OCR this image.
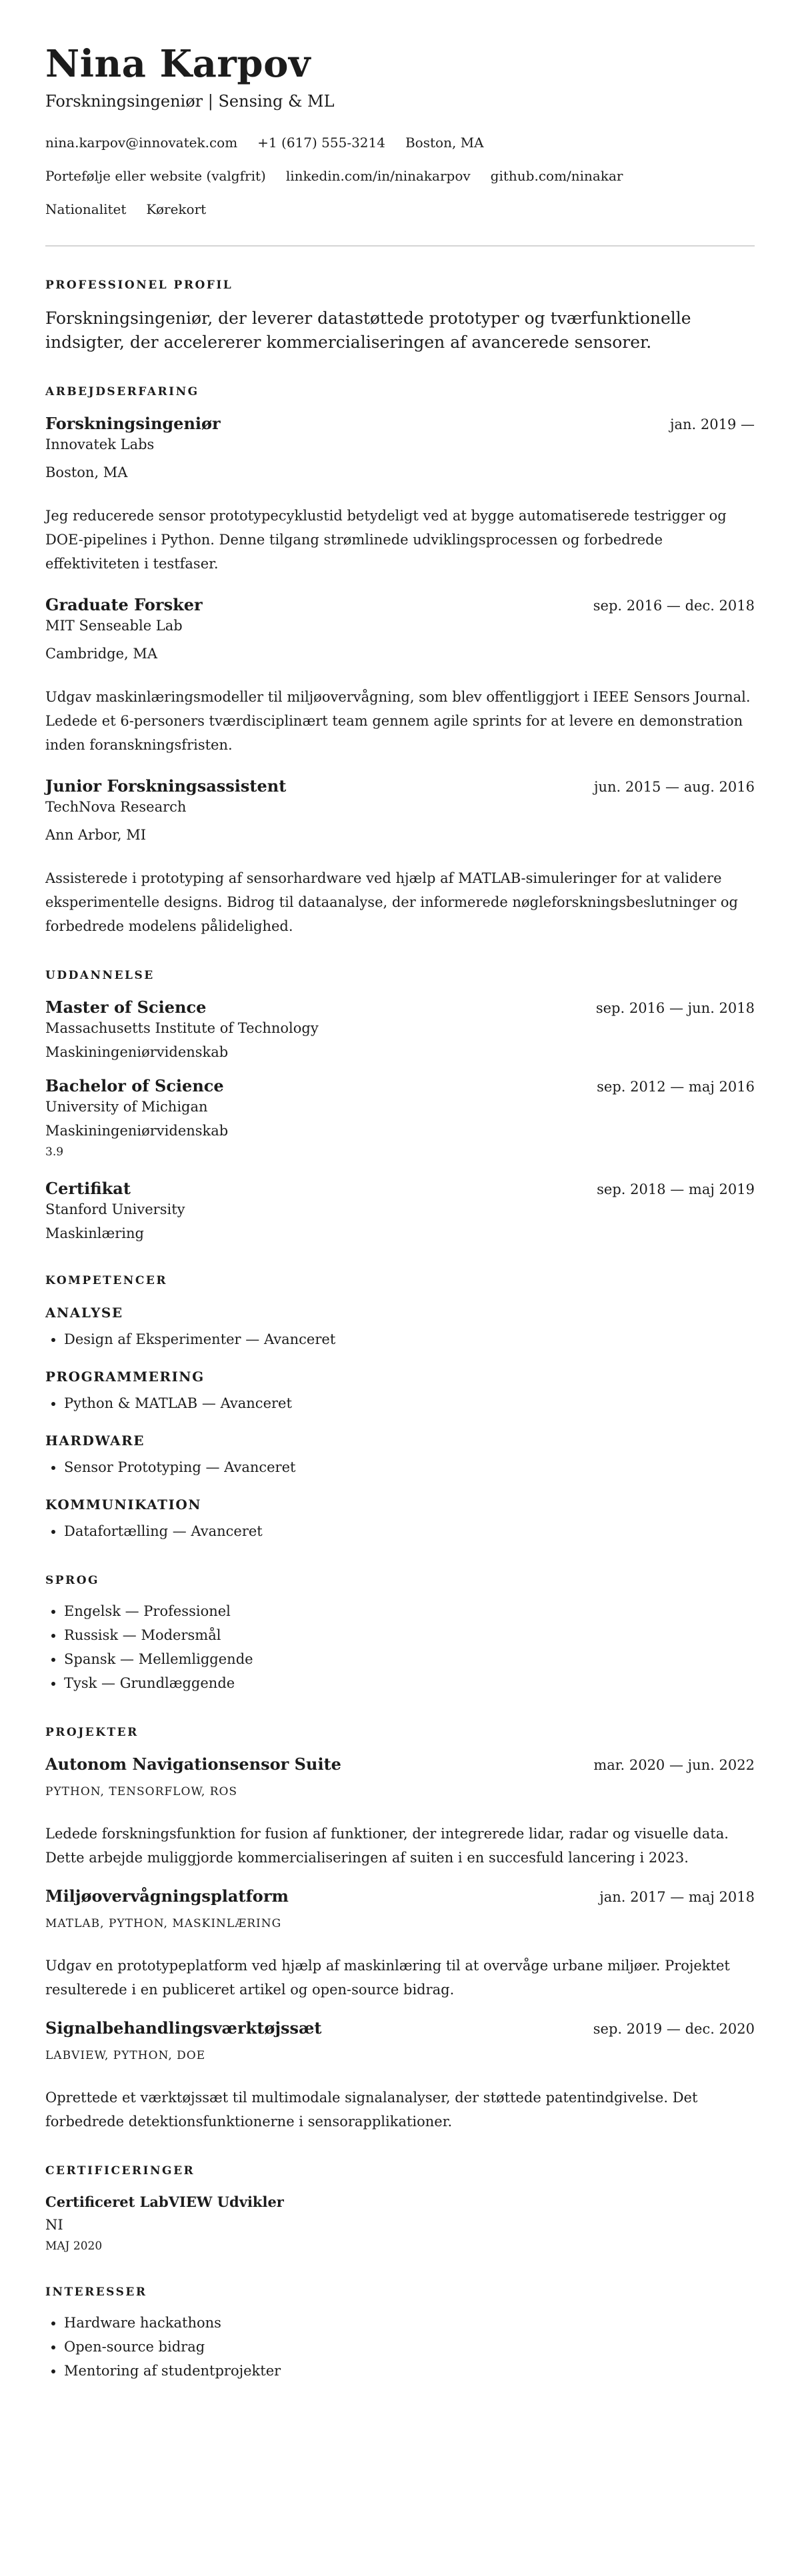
Nina Karpov
Forskningsingeniør | Sensing & ML
nina.karpov@innovatek.com +1 (617) 555-3214 Boston, MA
Portefølje eller website (valgfrit) linkedin.com/in/ninakarpov github.com/ninakar
Nationalitet Kørekort
PROFESSIONEL PROFIL
Forskningsingeniør, der leverer datastøttede prototyper og tværfunktionelle indsigter, der accelererer kommercialiseringen af avancerede sensorer.
ARBEJDSERFARING
Forskningsingeniør	jan. 2019 —
Innovatek Labs
Boston, MA
Jeg reducerede sensor prototypecyklustid betydeligt ved at bygge automatiserede testrigger og DOE-pipelines i Python. Denne tilgang strømlinede udviklingsprocessen og forbedrede effektiviteten i testfaser.
Graduate Forsker	sep. 2016 — dec. 2018
MIT Senseable Lab
Cambridge, MA
Udgav maskinlæringsmodeller til miljøovervågning, som blev offentliggjort i IEEE Sensors Journal. Ledede et 6-personers tværdisciplinært team gennem agile sprints for at levere en demonstration inden foranskningsfristen.
Junior Forskningsassistent	jun. 2015 — aug. 2016
TechNova Research
Ann Arbor, MI
Assisterede i prototyping af sensorhardware ved hjælp af MATLAB-simuleringer for at validere eksperimentelle designs. Bidrog til dataanalyse, der informerede nøgleforskningsbeslutninger og forbedrede modelens pålidelighed.
UDDANNELSE
Master of Science	sep. 2016 — jun. 2018
Massachusetts Institute of Technology
Maskiningeniørvidenskab
Bachelor of Science	sep. 2012 — maj 2016
University of Michigan
Maskiningeniørvidenskab
3.9
Certifikat	sep. 2018 — maj 2019
Stanford University
Maskinlæring
KOMPETENCER
ANALYSE
• Design af Eksperimenter — Avanceret
PROGRAMMERING
• Python & MATLAB — Avanceret
HARDWARE
• Sensor Prototyping — Avanceret
KOMMUNIKATION
• Datafortælling — Avanceret
SPROG
• Engelsk — Professionel
• Russisk — Modersmål
• Spansk — Mellemliggende
• Tysk — Grundlæggende
PROJEKTER
Autonom Navigationsensor Suite	mar. 2020 — jun. 2022
PYTHON, TENSORFLOW, ROS
Ledede forskningsfunktion for fusion af funktioner, der integrerede lidar, radar og visuelle data. Dette arbejde muliggjorde kommercialiseringen af suiten i en succesfuld lancering i 2023.
Miljøovervågningsplatform	jan. 2017 — maj 2018
MATLAB, PYTHON, MASKINLÆRING
Udgav en prototypeplatform ved hjælp af maskinlæring til at overvåge urbane miljøer. Projektet resulterede i en publiceret artikel og open-source bidrag.
Signalbehandlingsværktøjssæt	sep. 2019 — dec. 2020
LABVIEW, PYTHON, DOE
Oprettede et værktøjssæt til multimodale signalanalyser, der støttede patentindgivelse. Det forbedrede detektionsfunktionerne i sensorapplikationer.
CERTIFICERINGER
Certificeret LabVIEW Udvikler
NI
MAJ 2020
INTERESSER
• Hardware hackathons
• Open-source bidrag
• Mentoring af studentprojekter
